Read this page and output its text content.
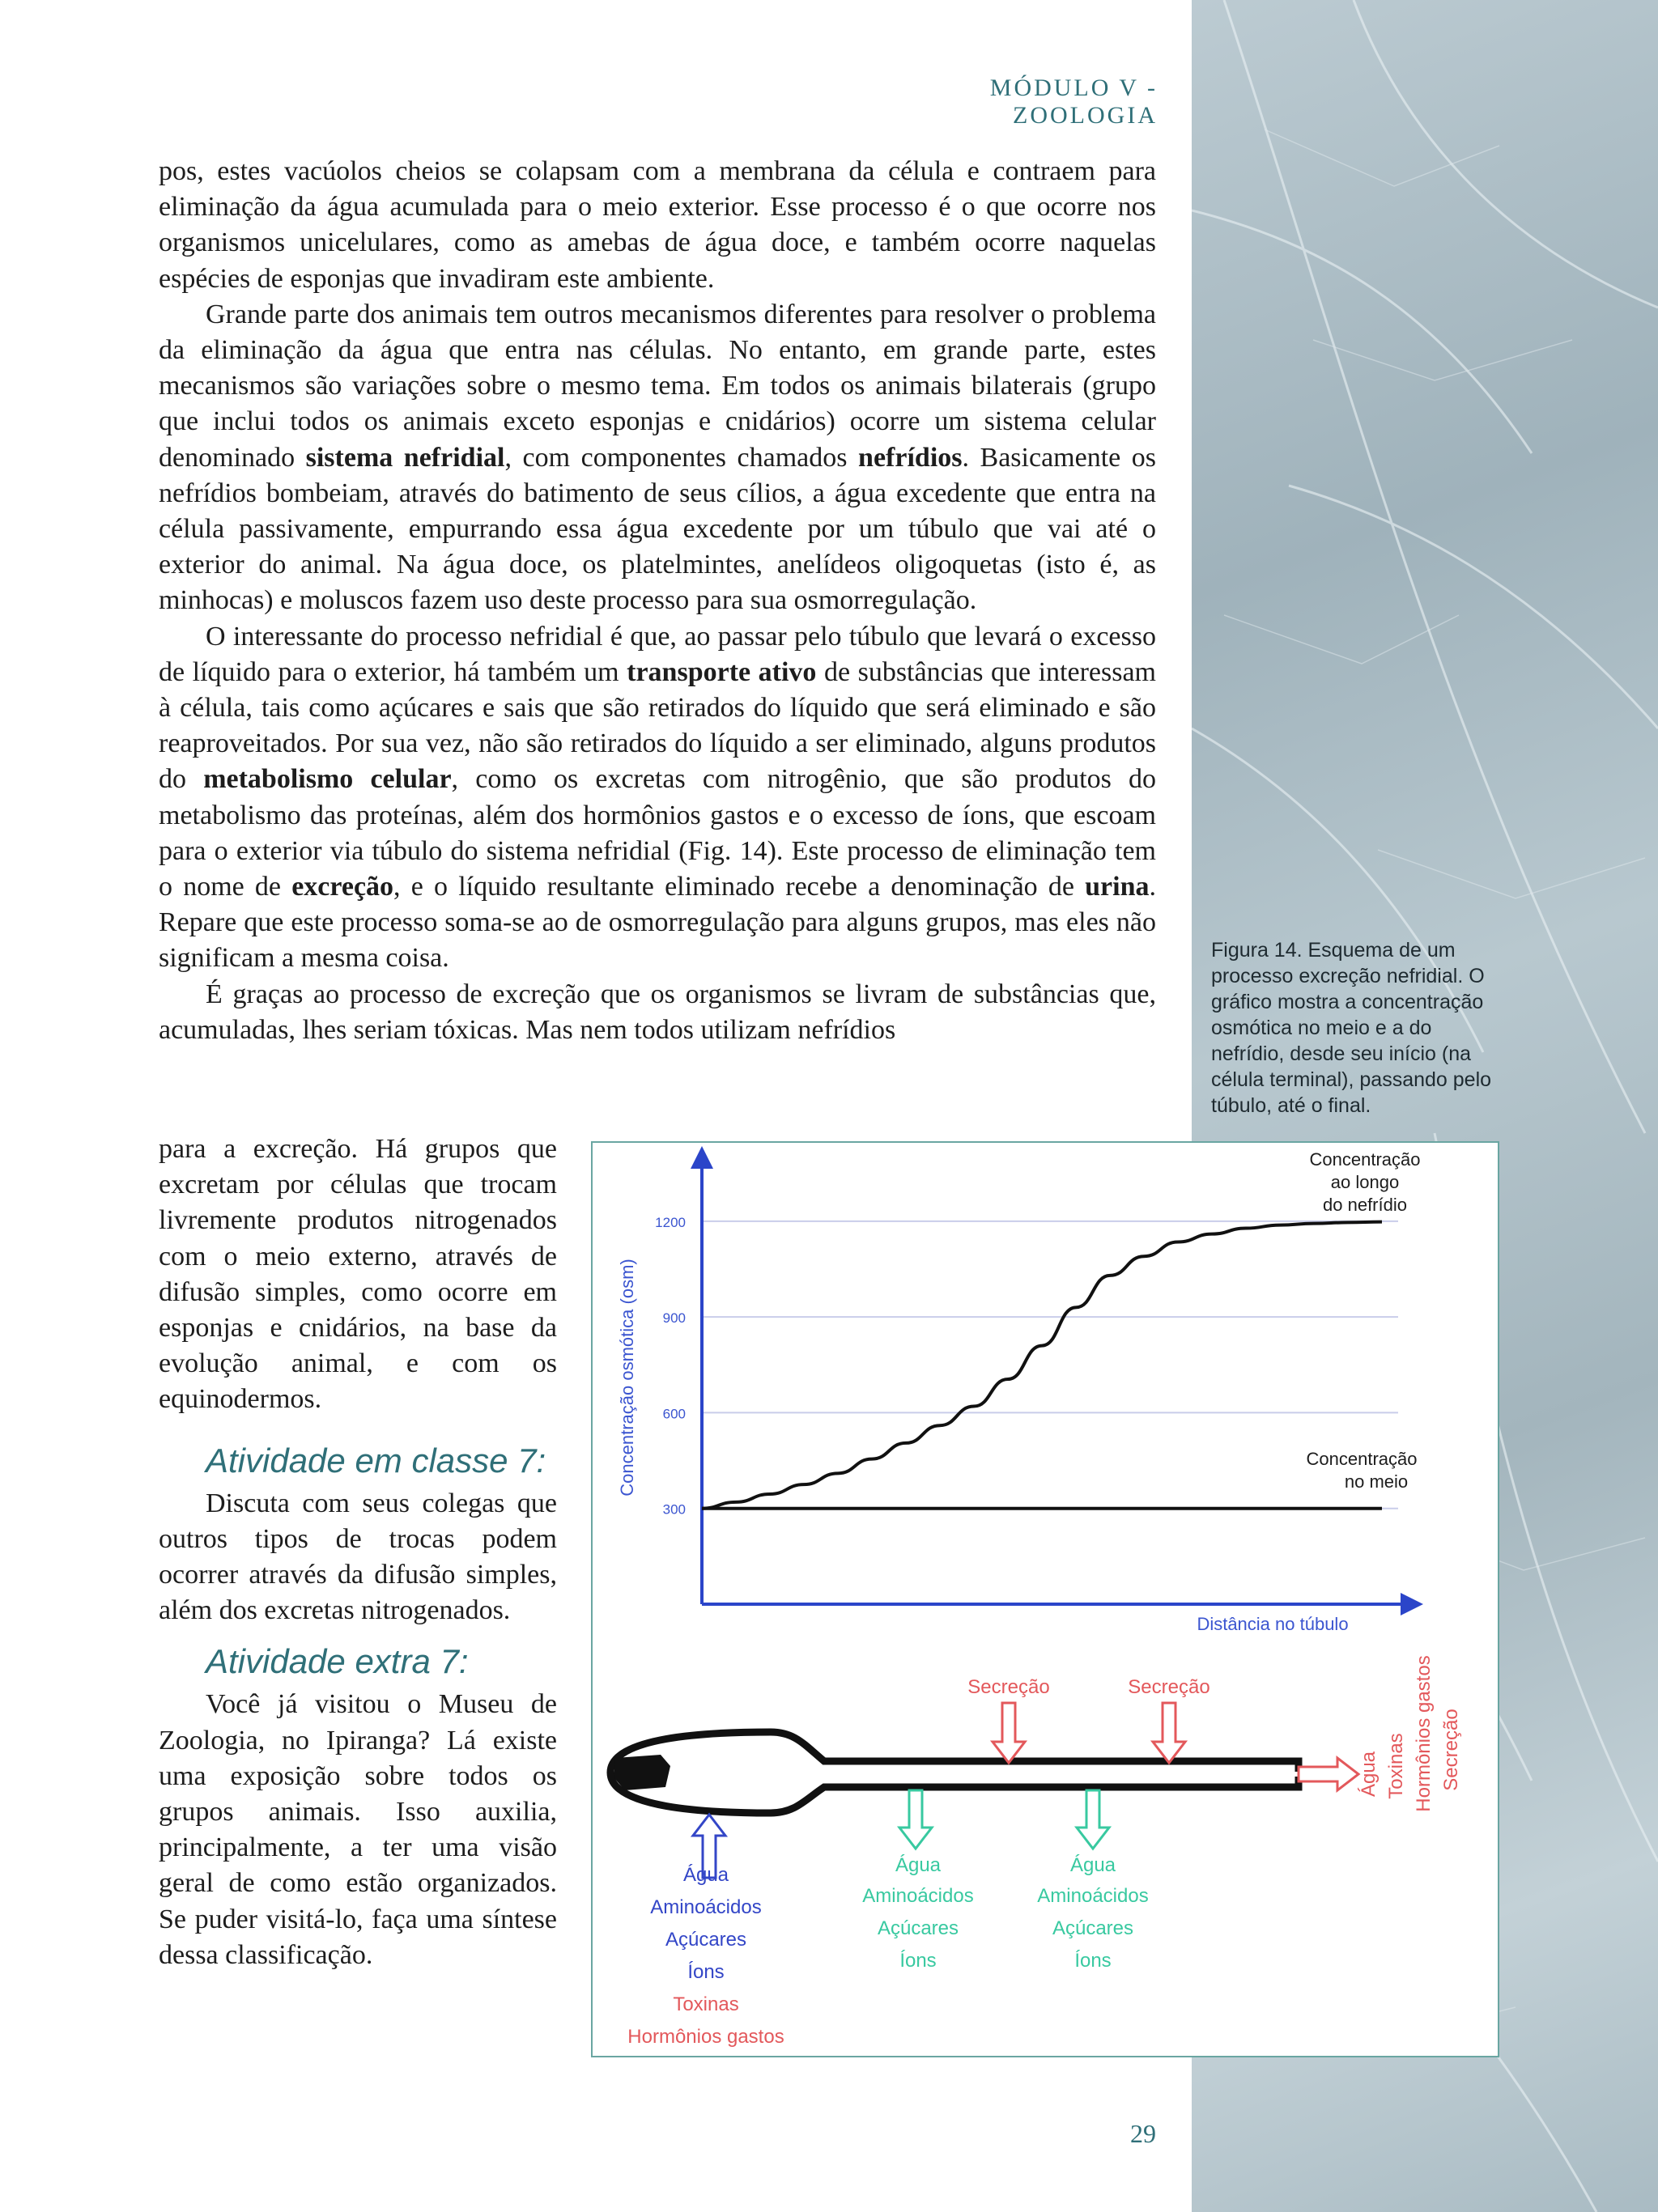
MÓDULO V - ZOOLOGIA

pos, estes vacúolos cheios se colapsam com a membrana da célula e contraem para eliminação da água acumulada para o meio exterior. Esse processo é o que ocorre nos organismos unicelulares, como as amebas de água doce, e também ocorre naquelas espécies de esponjas que invadiram este ambiente.

Grande parte dos animais tem outros mecanismos diferentes para resolver o problema da eliminação da água que entra nas células. No entanto, em grande parte, estes mecanismos são variações sobre o mesmo tema. Em todos os animais bilaterais (grupo que inclui todos os animais exceto esponjas e cnidários) ocorre um sistema celular denominado sistema nefridial, com componentes chamados nefrídios. Basicamente os nefrídios bombeiam, através do batimento de seus cílios, a água excedente que entra na célula passivamente, empurrando essa água excedente por um túbulo que vai até o exterior do animal. Na água doce, os platelmintes, anelídeos oligoquetas (isto é, as minhocas) e moluscos fazem uso deste processo para sua osmorregulação.

O interessante do processo nefridial é que, ao passar pelo túbulo que levará o excesso de líquido para o exterior, há também um transporte ativo de substâncias que interessam à célula, tais como açúcares e sais que são retirados do líquido que será eliminado e são reaproveitados. Por sua vez, não são retirados do líquido a ser eliminado, alguns produtos do metabolismo celular, como os excretas com nitrogênio, que são produtos do metabolismo das proteínas, além dos hormônios gastos e o excesso de íons, que escoam para o exterior via túbulo do sistema nefridial (Fig. 14). Este processo de eliminação tem o nome de excreção, e o líquido resultante eliminado recebe a denominação de urina. Repare que este processo soma-se ao de osmorregulação para alguns grupos, mas eles não significam a mesma coisa.

É graças ao processo de excreção que os organismos se livram de substâncias que, acumuladas, lhes seriam tóxicas. Mas nem todos utilizam nefrídios

para a excreção. Há grupos que excretam por células que trocam livremente produtos nitrogenados com o meio externo, através de difusão simples, como ocorre em esponjas e cnidários, na base da evolução animal, e com os equinodermos.

Atividade em classe 7:

Discuta com seus colegas que outros tipos de trocas podem ocorrer através da difusão simples, além dos excretas nitrogenados.

Atividade extra 7:

Você já visitou o Museu de Zoologia, no Ipiranga? Lá existe uma exposição sobre todos os grupos animais. Isso auxilia, principalmente, a ter uma visão geral de como estão organizados. Se puder visitá-lo, faça uma síntese dessa classificação.

Figura 14. Esquema de um processo excreção nefridial. O gráfico mostra a concentração osmótica no meio e a do nefrídio, desde seu início (na célula terminal), passando pelo túbulo, até o final.
300
600
900
1200
Concentração osmótica (osm)
Distância no túbulo
Concentração
ao longo
do nefrídio
Concentração
no meio
Secreção	Secreção
Água
Aminoácidos
Açúcares
Íons
Toxinas
Hormônios gastos
Água
Aminoácidos
Açúcares
Íons
Água
Aminoácidos
Açúcares
Íons
Água Toxinas Hormônios gastos Secreção
29
